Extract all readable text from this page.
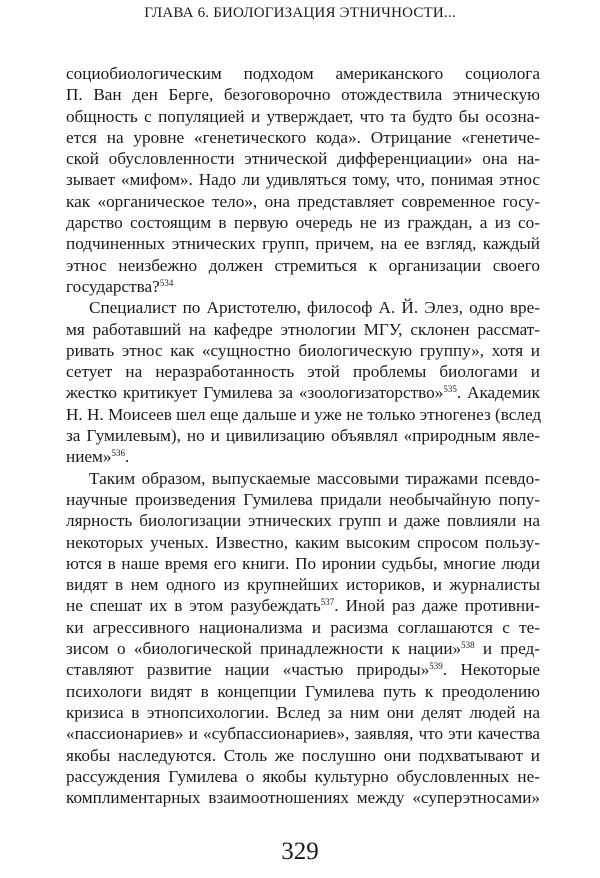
ГЛАВА 6. БИОЛОГИЗАЦИЯ ЭТНИЧНОСТИ...
социобиологическим подходом американского социолога
П. Ван ден Берге, безоговорочно отождествила этническую
общность с популяцией и утверждает, что та будто бы осозна-
ется на уровне «генетического кода». Отрицание «генетиче-
ской обусловленности этнической дифференциации» она на-
зывает «мифом». Надо ли удивляться тому, что, понимая этнос
как «органическое тело», она представляет современное госу-
дарство состоящим в первую очередь не из граждан, а из со-
подчиненных этнических групп, причем, на ее взгляд, каждый
этнос неизбежно должен стремиться к организации своего
государства?$^{534}$
Специалист по Аристотелю, философ А. Й. Элез, одно вре-
мя работавший на кафедре этнологии МГУ, склонен рассмат-
ривать этнос как «сущностно биологическую группу», хотя и
сетует на неразработанность этой проблемы биологами и
жестко критикует Гумилева за «зоологизаторство»$^{535}$. Академик
Н. Н. Моисеев шел еще дальше и уже не только этногенез (вслед
за Гумилевым), но и цивилизацию объявлял «природным явле-
нием»$^{536}$.
Таким образом, выпускаемые массовыми тиражами псевдо-
научные произведения Гумилева придали необычайную попу-
лярность биологизации этнических групп и даже повлияли на
некоторых ученых. Известно, каким высоким спросом пользу-
ются в наше время его книги. По иронии судьбы, многие люди
видят в нем одного из крупнейших историков, и журналисты
не спешат их в этом разубеждать$^{537}$. Иной раз даже противни-
ки агрессивного национализма и расизма соглашаются с те-
зисом о «биологической принадлежности к нации»$^{538}$ и пред-
ставляют развитие нации «частью природы»$^{539}$. Некоторые
психологи видят в концепции Гумилева путь к преодолению
кризиса в этнопсихологии. Вслед за ним они делят людей на
«пассионариев» и «субпассионариев», заявляя, что эти качества
якобы наследуются. Столь же послушно они подхватывают и
рассуждения Гумилева о якобы культурно обусловленных не-
комплиментарных взаимоотношениях между «суперэтносами»
329
